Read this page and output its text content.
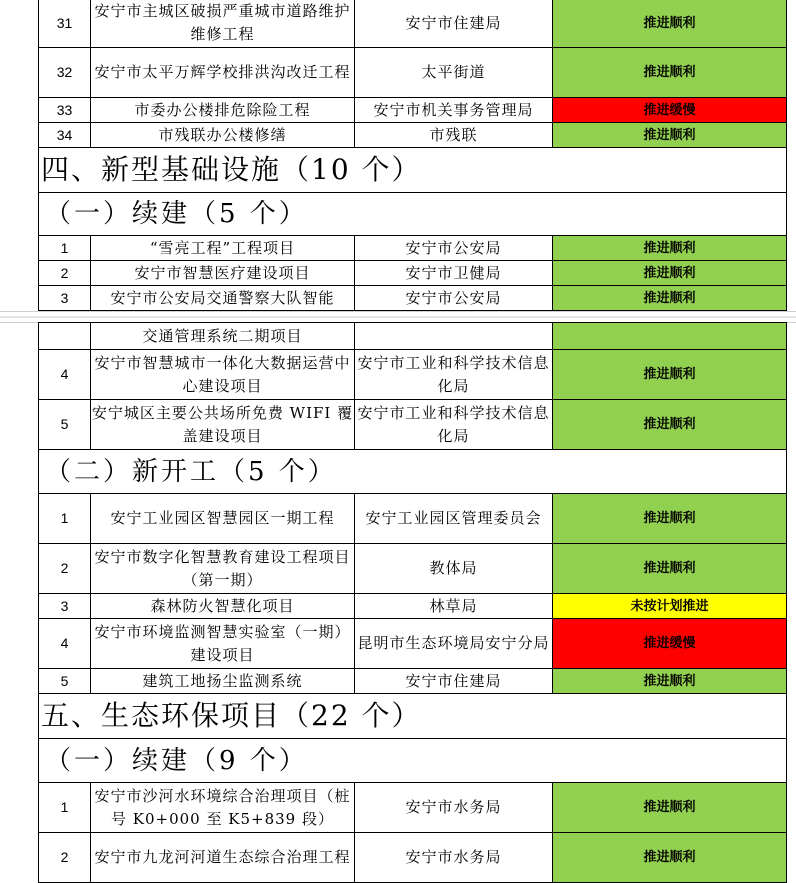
31	安宁市主城区破损严重城市道路维护维修工程	安宁市住建局	推进顺利
32	安宁市太平万辉学校排洪沟改迁工程	太平街道	推进顺利
33	市委办公楼排危除险工程	安宁市机关事务管理局	推进缓慢
34	市残联办公楼修缮	市残联	推进顺利
四、新型基础设施（10 个）			
（一）续建（5 个）			
1	“雪亮工程”工程项目	安宁市公安局	推进顺利
2	安宁市智慧医疗建设项目	安宁市卫健局	推进顺利
3	安宁市公安局交通警察大队智能	安宁市公安局	推进顺利
	交通管理系统二期项目		
4	安宁市智慧城市一体化大数据运营中心建设项目	安宁市工业和科学技术信息化局	推进顺利
5	安宁城区主要公共场所免费 WIFI 覆盖建设项目	安宁市工业和科学技术信息化局	推进顺利
（二）新开工（5 个）			
1	安宁工业园区智慧园区一期工程	安宁工业园区管理委员会	推进顺利
2	安宁市数字化智慧教育建设工程项目（第一期）	教体局	推进顺利
3	森林防火智慧化项目	林草局	未按计划推进
4	安宁市环境监测智慧实验室（一期）建设项目	昆明市生态环境局安宁分局	推进缓慢
5	建筑工地扬尘监测系统	安宁市住建局	推进顺利
五、生态环保项目（22 个）			
（一）续建（9 个）			
1	安宁市沙河水环境综合治理项目（桩号 K0+000 至 K5+839 段）	安宁市水务局	推进顺利
2	安宁市九龙河河道生态综合治理工程	安宁市水务局	推进顺利
